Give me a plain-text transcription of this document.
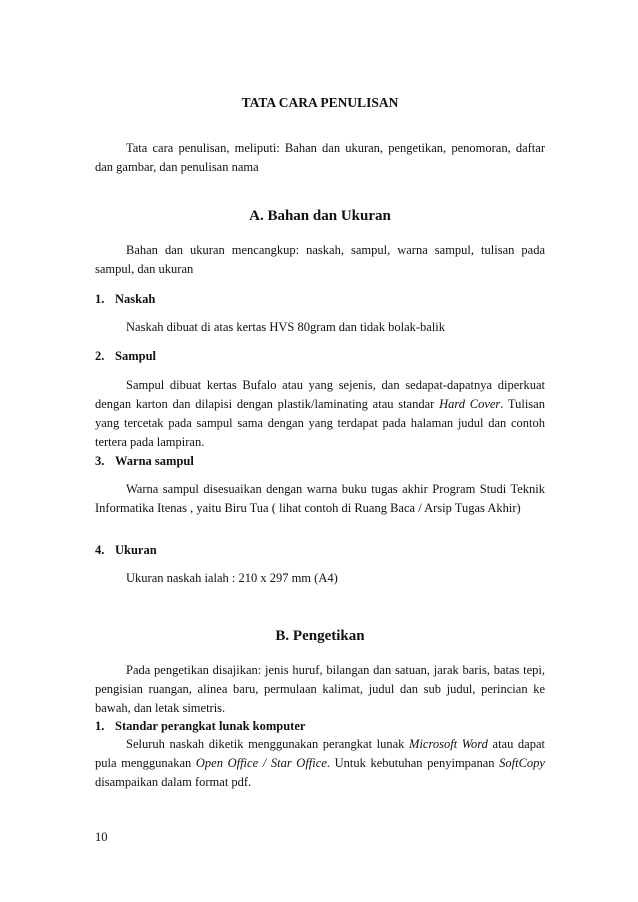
TATA CARA PENULISAN

Tata cara penulisan, meliputi: Bahan dan ukuran, pengetikan, penomoran, daftar dan gambar, dan penulisan nama

A. Bahan dan Ukuran

Bahan dan ukuran mencangkup: naskah, sampul, warna sampul, tulisan pada sampul, dan ukuran

1. Naskah

Naskah dibuat di atas kertas HVS 80gram dan tidak bolak-balik

2. Sampul

Sampul dibuat kertas Bufalo atau yang sejenis, dan sedapat-dapatnya diperkuat dengan karton dan dilapisi dengan plastik/laminating atau standar Hard Cover. Tulisan yang tercetak pada sampul sama dengan yang terdapat pada halaman judul dan contoh tertera pada lampiran.

3. Warna sampul

Warna sampul disesuaikan dengan warna buku tugas akhir Program Studi Teknik Informatika Itenas , yaitu Biru Tua ( lihat contoh di Ruang Baca / Arsip Tugas Akhir)

4. Ukuran

Ukuran naskah ialah : 210 x 297 mm (A4)

B. Pengetikan

Pada pengetikan disajikan: jenis huruf, bilangan dan satuan, jarak baris, batas tepi, pengisian ruangan, alinea baru, permulaan kalimat, judul dan sub judul, perincian ke bawah, dan letak simetris.

1. Standar perangkat lunak komputer

Seluruh naskah diketik menggunakan perangkat lunak Microsoft Word atau dapat pula menggunakan Open Office / Star Office. Untuk kebutuhan penyimpanan SoftCopy disampaikan dalam format pdf.

10
